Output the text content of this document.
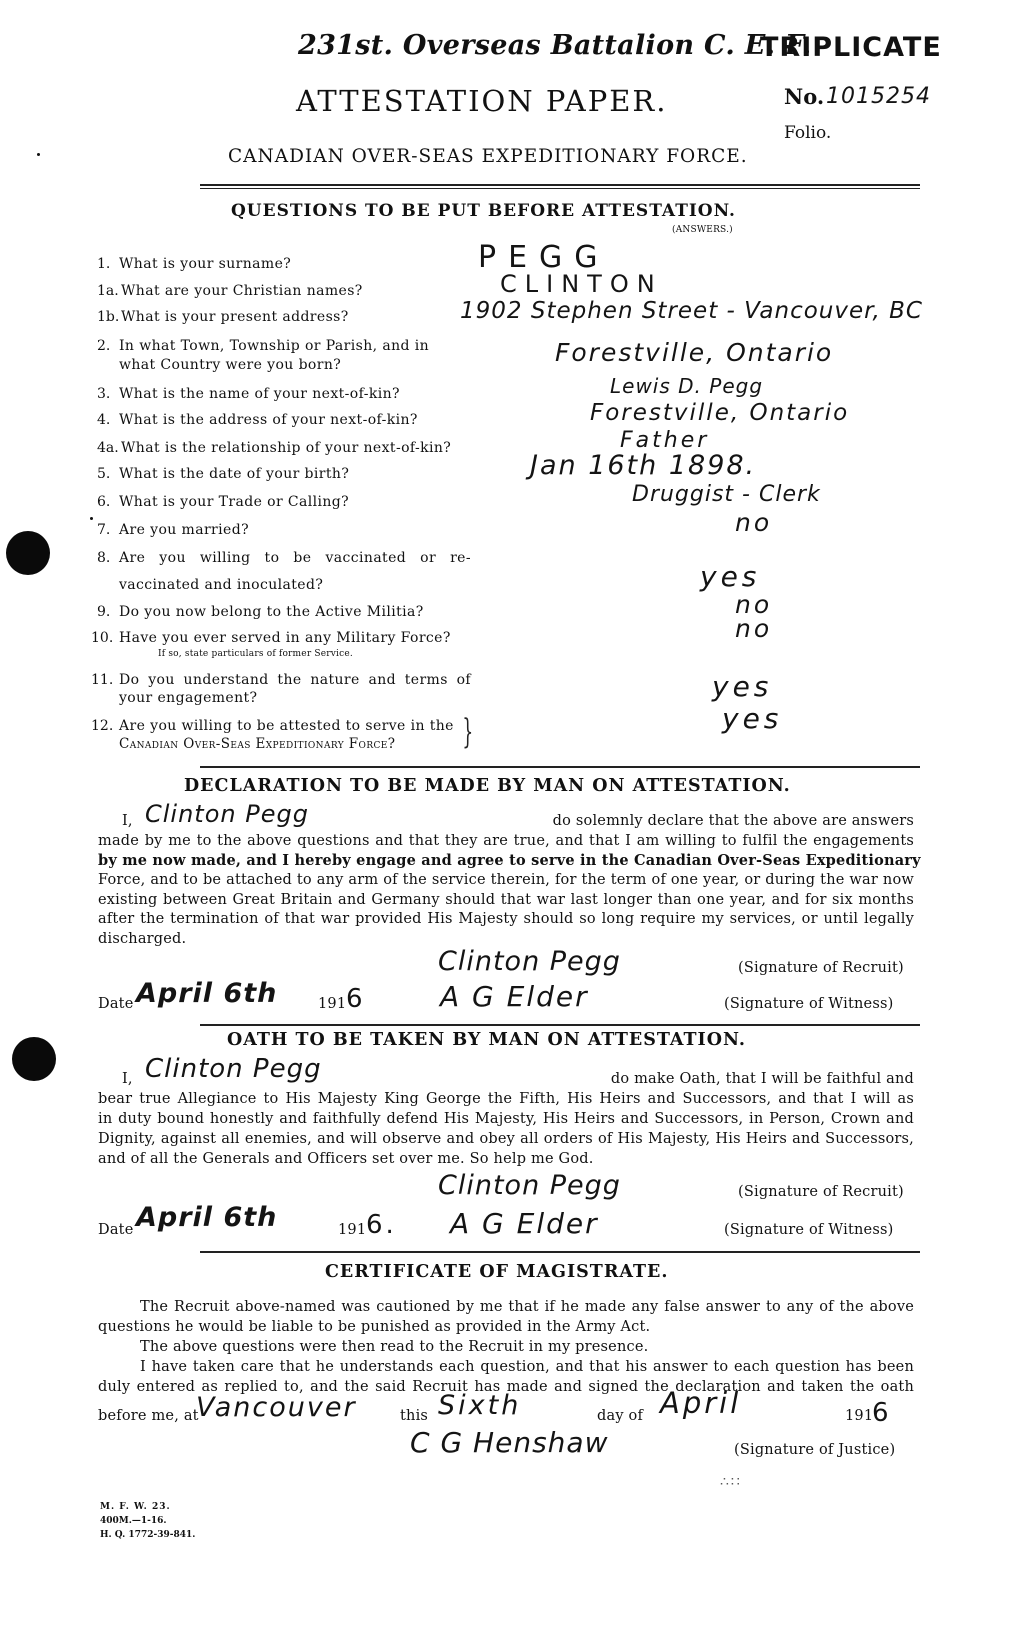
231st. Overseas Battalion C. E. F.
TRIPLICATE
No. 1015254
ATTESTATION PAPER.
Folio.
CANADIAN OVER-SEAS EXPEDITIONARY FORCE.
QUESTIONS TO BE PUT BEFORE ATTESTATION.
(ANSWERS.)
1. What is your surname?	PEGG
1a. What are your Christian names?	CLINTON
1b. What is your present address?	1902 Stephen Street - Vancouver, BC
2. In what Town, Township or Parish, and in
what Country were you born?	Forestville, Ontario
3. What is the name of your next-of-kin?	Lewis D. Pegg
4. What is the address of your next-of-kin?	Forestville, Ontario
4a. What is the relationship of your next-of-kin?	Father
5. What is the date of your birth?	Jan 16th 1898.
6. What is your Trade or Calling?	Druggist - Clerk
7. Are you married?	no
8. Are you willing to be vaccinated or re-
vaccinated and inoculated?	yes
9. Do you now belong to the Active Militia?	no
10. Have you ever served in any Military Force?
If so, state particulars of former Service.
no
11. Do you understand the nature and terms of
your engagement?	yes
12. Are you willing to be attested to serve in the
Canadian Over-Seas Expeditionary Force? }	yes
DECLARATION TO BE MADE BY MAN ON ATTESTATION.
I, Clinton Pegg	do solemnly declare that the above are answers
made by me to the above questions and that they are true, and that I am willing to fulfil the engagements
by me now made, and I hereby engage and agree to serve in the Canadian Over-Seas Expeditionary
Force, and to be attached to any arm of the service therein, for the term of one year, or during the war now
existing between Great Britain and Germany should that war last longer than one year, and for six months
after the termination of that war provided His Majesty should so long require my services, or until legally
discharged.
Clinton Pegg	(Signature of Recruit)
Date April 6th	191 6	A G Elder	(Signature of Witness)
OATH TO BE TAKEN BY MAN ON ATTESTATION.
I, Clinton Pegg	do make Oath, that I will be faithful and
bear true Allegiance to His Majesty King George the Fifth, His Heirs and Successors, and that I will as
in duty bound honestly and faithfully defend His Majesty, His Heirs and Successors, in Person, Crown and
Dignity, against all enemies, and will observe and obey all orders of His Majesty, His Heirs and Successors,
and of all the Generals and Officers set over me. So help me God.
Clinton Pegg	(Signature of Recruit)
Date April 6th	191 6. A G Elder	(Signature of Witness)
CERTIFICATE OF MAGISTRATE.
The Recruit above-named was cautioned by me that if he made any false answer to any of the above
questions he would be liable to be punished as provided in the Army Act.
The above questions were then read to the Recruit in my presence.
I have taken care that he understands each question, and that his answer to each question has been
duly entered as replied to, and the said Recruit has made and signed the declaration and taken the oath
before me, at
Vancouver	this Sixth	day of April	191
6
C G Henshaw	(Signature of Justice)
M. F. W. 23.
400M.—1-16.
H. Q. 1772-39-841.
∴∷
